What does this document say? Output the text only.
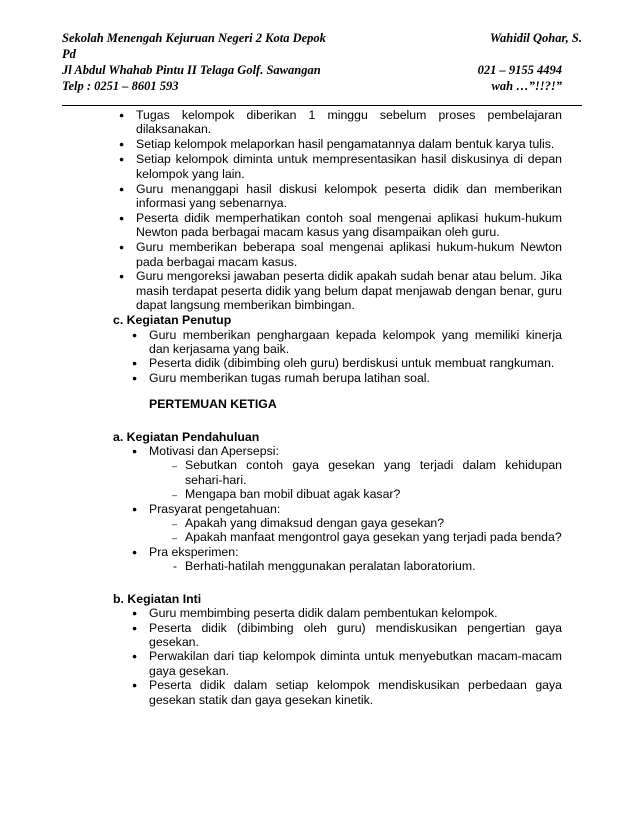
Sekolah Menengah Kejuruan Negeri 2 Kota Depok	Wahidil Qohar, S.
Pd
Jl Abdul Whahab Pintu II Telaga Golf. Sawangan	021 – 9155 4494
Telp : 0251 – 8601 593	wah …”!!?!”
● Tugas kelompok diberikan 1 minggu sebelum proses pembelajaran dilaksanakan.
● Setiap kelompok melaporkan hasil pengamatannya dalam bentuk karya tulis.
● Setiap kelompok diminta untuk mempresentasikan hasil diskusinya di depan kelompok yang lain.
● Guru menanggapi hasil diskusi kelompok peserta didik dan memberikan informasi yang sebenarnya.
● Peserta didik memperhatikan contoh soal mengenai aplikasi hukum-hukum Newton pada berbagai macam kasus yang disampaikan oleh guru.
● Guru memberikan beberapa soal mengenai aplikasi hukum-hukum Newton pada berbagai macam kasus.
● Guru mengoreksi jawaban peserta didik apakah sudah benar atau belum. Jika masih terdapat peserta didik yang belum dapat menjawab dengan benar, guru dapat langsung memberikan bimbingan.
c. Kegiatan Penutup
● Guru memberikan penghargaan kepada kelompok yang memiliki kinerja dan kerjasama yang baik.
● Peserta didik (dibimbing oleh guru) berdiskusi untuk membuat rangkuman.
● Guru memberikan tugas rumah berupa latihan soal.
PERTEMUAN KETIGA
a. Kegiatan Pendahuluan
● Motivasi dan Apersepsi:
– Sebutkan contoh gaya gesekan yang terjadi dalam kehidupan sehari-hari.
– Mengapa ban mobil dibuat agak kasar?
● Prasyarat pengetahuan:
– Apakah yang dimaksud dengan gaya gesekan?
– Apakah manfaat mengontrol gaya gesekan yang terjadi pada benda?
● Pra eksperimen:
- Berhati-hatilah menggunakan peralatan laboratorium.
b. Kegiatan Inti
● Guru membimbing peserta didik dalam pembentukan kelompok.
● Peserta didik (dibimbing oleh guru) mendiskusikan pengertian gaya gesekan.
● Perwakilan dari tiap kelompok diminta untuk menyebutkan macam-macam gaya gesekan.
● Peserta didik dalam setiap kelompok mendiskusikan perbedaan gaya gesekan statik dan gaya gesekan kinetik.
